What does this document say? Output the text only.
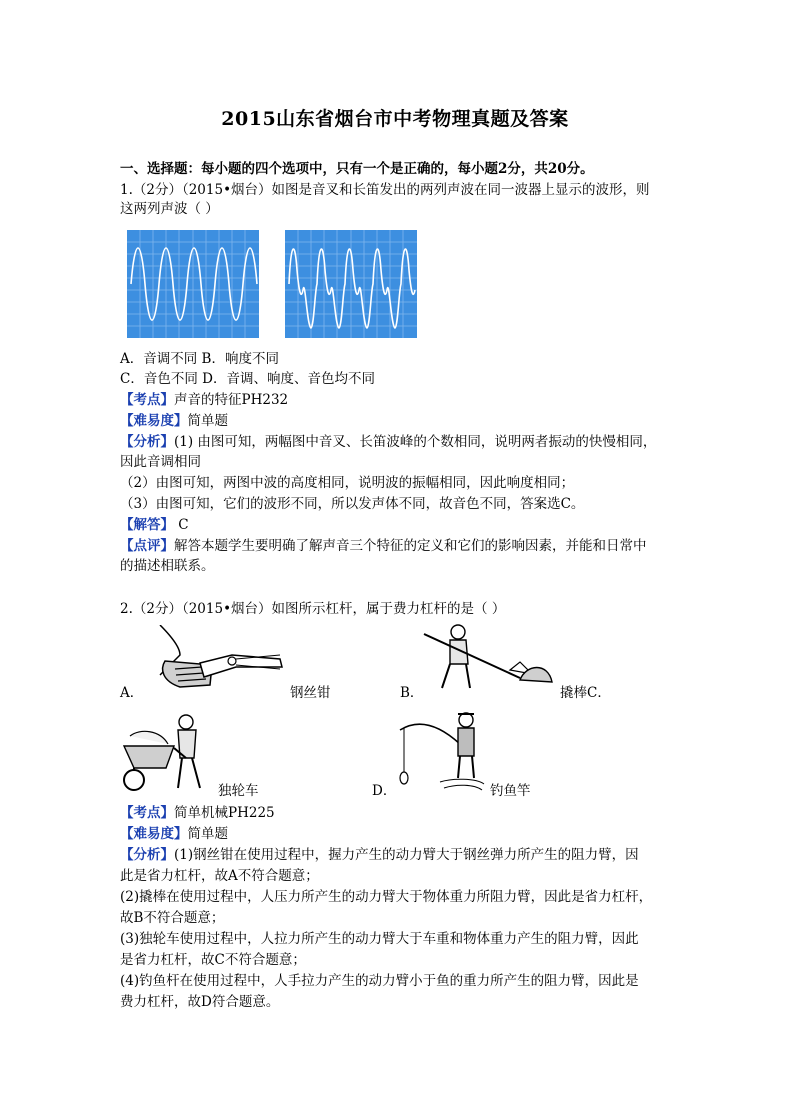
2015山东省烟台市中考物理真题及答案
一、选择题：每小题的四个选项中，只有一个是正确的，每小题2分，共20分。
1.（2分）（2015•烟台）如图是音叉和长笛发出的两列声波在同一波器上显示的波形，则
这两列声波（ ）
A．音调不同 B．响度不同
C．音色不同 D．音调、响度、音色均不同
【考点】声音的特征PH232
【难易度】简单题
【分析】(1) 由图可知，两幅图中音叉、长笛波峰的个数相同，说明两者振动的快慢相同，
因此音调相同
（2）由图可知，两图中波的高度相同，说明波的振幅相同，因此响度相同；
（3）由图可知，它们的波形不同，所以发声体不同，故音色不同，答案选C。
【解答】 C
【点评】解答本题学生要明确了解声音三个特征的定义和它们的影响因素，并能和日常中
的描述相联系。
2.（2分）（2015•烟台）如图所示杠杆，属于费力杠杆的是（ ）
A．	钢丝钳	B．	撬棒C．
独轮车	D．	钓鱼竿
【考点】简单机械PH225
【难易度】简单题
【分析】(1)钢丝钳在使用过程中，握力产生的动力臂大于钢丝弹力所产生的阻力臂，因
此是省力杠杆，故A不符合题意；
(2)撬棒在使用过程中，人压力所产生的动力臂大于物体重力所阻力臂，因此是省力杠杆，
故B不符合题意；
(3)独轮车使用过程中，人拉力所产生的动力臂大于车重和物体重力产生的阻力臂，因此
是省力杠杆，故C不符合题意；
(4)钓鱼杆在使用过程中，人手拉力产生的动力臂小于鱼的重力所产生的阻力臂，因此是
费力杠杆，故D符合题意。
